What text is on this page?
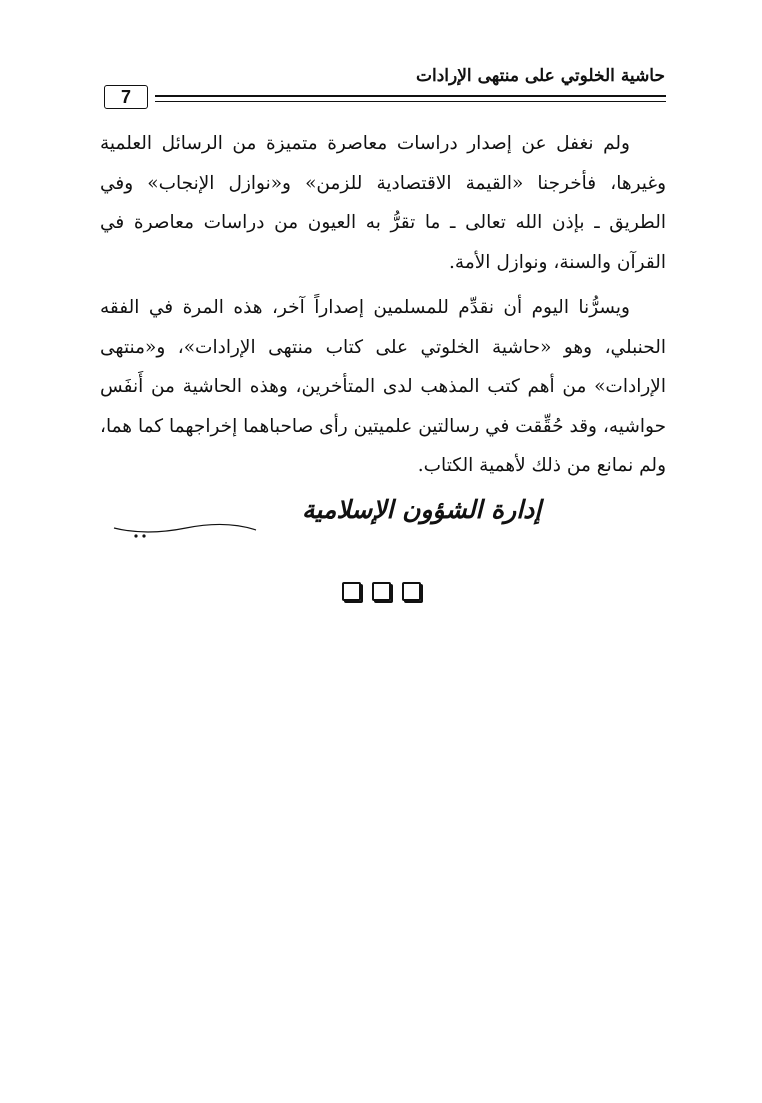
حاشية الخلوتي على منتهى الإرادات
7

ولم نغفل عن إصدار دراسات معاصرة متميزة من الرسائل العلمية وغيرها، فأخرجنا «القيمة الاقتصادية للزمن» و«نوازل الإنجاب» وفي الطريق ـ بإذن الله تعالى ـ ما تقرُّ به العيون من دراسات معاصرة في القرآن والسنة، ونوازل الأمة.

ويسرُّنا اليوم أن نقدِّم للمسلمين إصداراً آخر، هذه المرة في الفقه الحنبلي، وهو «حاشية الخلوتي على كتاب منتهى الإرادات»، و«منتهى الإرادات» من أهم كتب المذهب لدى المتأخرين، وهذه الحاشية من أَنفَس حواشيه، وقد حُقِّقت في رسالتين علميتين رأى صاحباهما إخراجهما كما هما، ولم نمانع من ذلك لأهمية الكتاب.

إدارة الشؤون الإسلامية
